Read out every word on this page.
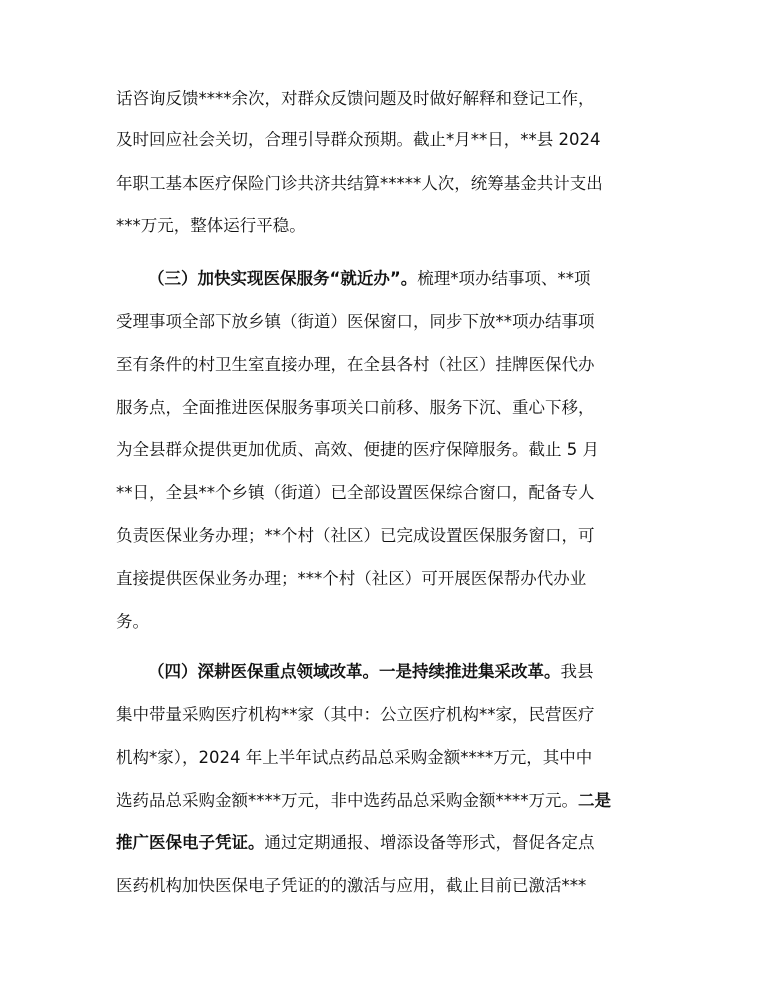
话咨询反馈****余次，对群众反馈问题及时做好解释和登记工作，

及时回应社会关切，合理引导群众预期。截止*月**日，**县 2024

年职工基本医疗保险门诊共济共结算*****人次，统筹基金共计支出

***万元，整体运行平稳。

（三）加快实现医保服务“就近办”。梳理*项办结事项、**项

受理事项全部下放乡镇（街道）医保窗口，同步下放**项办结事项

至有条件的村卫生室直接办理，在全县各村（社区）挂牌医保代办

服务点，全面推进医保服务事项关口前移、服务下沉、重心下移，

为全县群众提供更加优质、高效、便捷的医疗保障服务。截止 5 月

**日，全县**个乡镇（街道）已全部设置医保综合窗口，配备专人

负责医保业务办理；**个村（社区）已完成设置医保服务窗口，可

直接提供医保业务办理；***个村（社区）可开展医保帮办代办业

务。

（四）深耕医保重点领域改革。一是持续推进集采改革。我县

集中带量采购医疗机构**家（其中：公立医疗机构**家，民营医疗

机构*家），2024 年上半年试点药品总采购金额****万元，其中中

选药品总采购金额****万元，非中选药品总采购金额****万元。二是

推广医保电子凭证。通过定期通报、增添设备等形式，督促各定点

医药机构加快医保电子凭证的的激活与应用，截止目前已激活***
